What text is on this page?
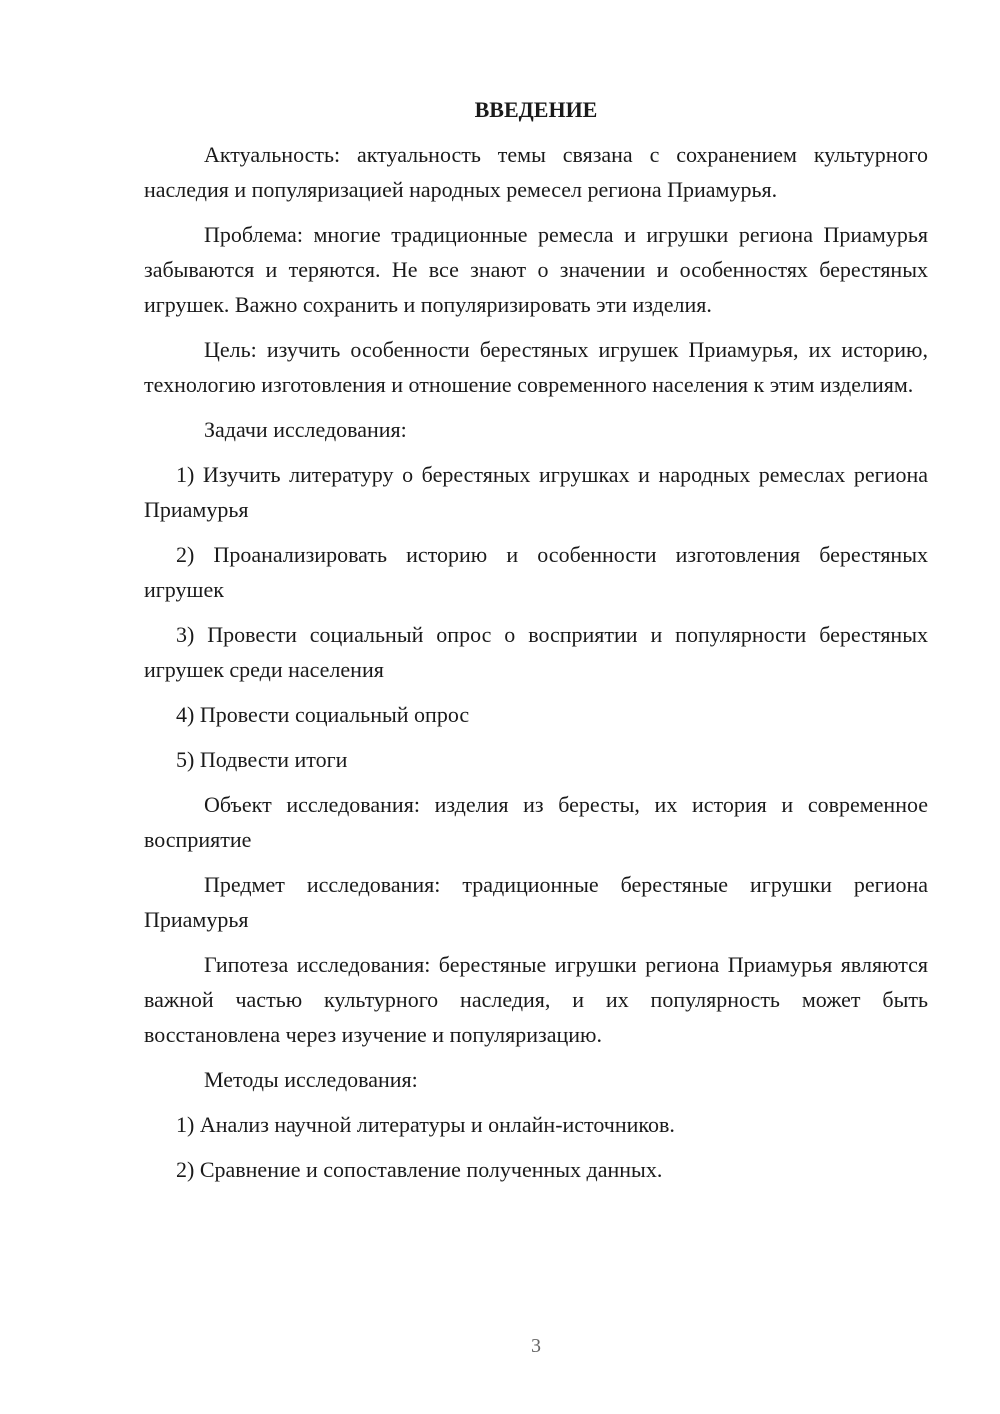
ВВЕДЕНИЕ

Актуальность: актуальность темы связана с сохранением культурного наследия и популяризацией народных ремесел региона Приамурья.

Проблема: многие традиционные ремесла и игрушки региона Приамурья забываются и теряются. Не все знают о значении и особенностях берестяных игрушек. Важно сохранить и популяризировать эти изделия.

Цель: изучить особенности берестяных игрушек Приамурья, их историю, технологию изготовления и отношение современного населения к этим изделиям.

Задачи исследования:

1) Изучить литературу о берестяных игрушках и народных ремеслах региона Приамурья

2) Проанализировать историю и особенности изготовления берестяных игрушек

3) Провести социальный опрос о восприятии и популярности берестяных игрушек среди населения

4) Провести социальный опрос

5) Подвести итоги

Объект исследования: изделия из бересты, их история и современное восприятие

Предмет исследования: традиционные берестяные игрушки региона Приамурья

Гипотеза исследования: берестяные игрушки региона Приамурья являются важной частью культурного наследия, и их популярность может быть восстановлена через изучение и популяризацию.

Методы исследования:

1) Анализ научной литературы и онлайн-источников.

2) Сравнение и сопоставление полученных данных.

3
